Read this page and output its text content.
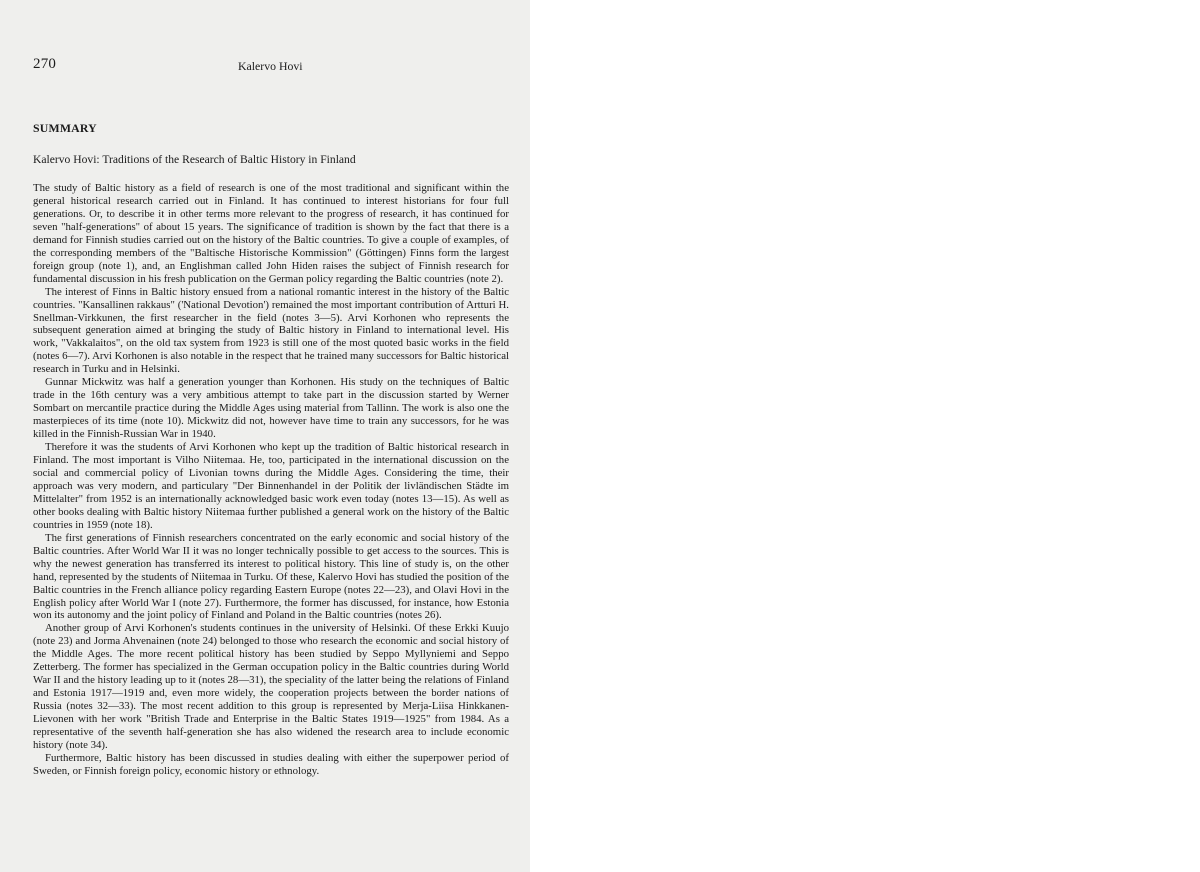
270	Kalervo Hovi
SUMMARY
Kalervo Hovi: Traditions of the Research of Baltic History in Finland

The study of Baltic history as a field of research is one of the most traditional and significant within the general historical research carried out in Finland. It has continued to interest historians for four full generations. Or, to describe it in other terms more relevant to the progress of research, it has continued for seven "half-generations" of about 15 years. The significance of tradition is shown by the fact that there is a demand for Finnish studies carried out on the history of the Baltic countries. To give a couple of examples, of the corresponding members of the "Baltische Historische Kommission" (Göttingen) Finns form the largest foreign group (note 1), and, an Englishman called John Hiden raises the subject of Finnish research for fundamental discussion in his fresh publication on the German policy regarding the Baltic countries (note 2).

The interest of Finns in Baltic history ensued from a national romantic interest in the history of the Baltic countries. "Kansallinen rakkaus" ('National Devotion') remained the most important contribution of Artturi H. Snellman-Virkkunen, the first researcher in the field (notes 3—5). Arvi Korhonen who represents the subsequent generation aimed at bringing the study of Baltic history in Finland to international level. His work, "Vakkalaitos", on the old tax system from 1923 is still one of the most quoted basic works in the field (notes 6—7). Arvi Korhonen is also notable in the respect that he trained many successors for Baltic historical research in Turku and in Helsinki.

Gunnar Mickwitz was half a generation younger than Korhonen. His study on the techniques of Baltic trade in the 16th century was a very ambitious attempt to take part in the discussion started by Werner Sombart on mercantile practice during the Middle Ages using material from Tallinn. The work is also one the masterpieces of its time (note 10). Mickwitz did not, however have time to train any successors, for he was killed in the Finnish-Russian War in 1940.

Therefore it was the students of Arvi Korhonen who kept up the tradition of Baltic historical research in Finland. The most important is Vilho Niitemaa. He, too, participated in the international discussion on the social and commercial policy of Livonian towns during the Middle Ages. Considering the time, their approach was very modern, and particulary "Der Binnenhandel in der Politik der livländischen Städte im Mittelalter" from 1952 is an internationally acknowledged basic work even today (notes 13—15). As well as other books dealing with Baltic history Niitemaa further published a general work on the history of the Baltic countries in 1959 (note 18).

The first generations of Finnish researchers concentrated on the early economic and social history of the Baltic countries. After World War II it was no longer technically possible to get access to the sources. This is why the newest generation has transferred its interest to political history. This line of study is, on the other hand, represented by the students of Niitemaa in Turku. Of these, Kalervo Hovi has studied the position of the Baltic countries in the French alliance policy regarding Eastern Europe (notes 22—23), and Olavi Hovi in the English policy after World War I (note 27). Furthermore, the former has discussed, for instance, how Estonia won its autonomy and the joint policy of Finland and Poland in the Baltic countries (notes 26).

Another group of Arvi Korhonen's students continues in the university of Helsinki. Of these Erkki Kuujo (note 23) and Jorma Ahvenainen (note 24) belonged to those who research the economic and social history of the Middle Ages. The more recent political history has been studied by Seppo Myllyniemi and Seppo Zetterberg. The former has specialized in the German occupation policy in the Baltic countries during World War II and the history leading up to it (notes 28—31), the speciality of the latter being the relations of Finland and Estonia 1917—1919 and, even more widely, the cooperation projects between the border nations of Russia (notes 32—33). The most recent addition to this group is represented by Merja-Liisa Hinkkanen-Lievonen with her work "British Trade and Enterprise in the Baltic States 1919—1925" from 1984. As a representative of the seventh half-generation she has also widened the research area to include economic history (note 34).

Furthermore, Baltic history has been discussed in studies dealing with either the superpower period of Sweden, or Finnish foreign policy, economic history or ethnology.
